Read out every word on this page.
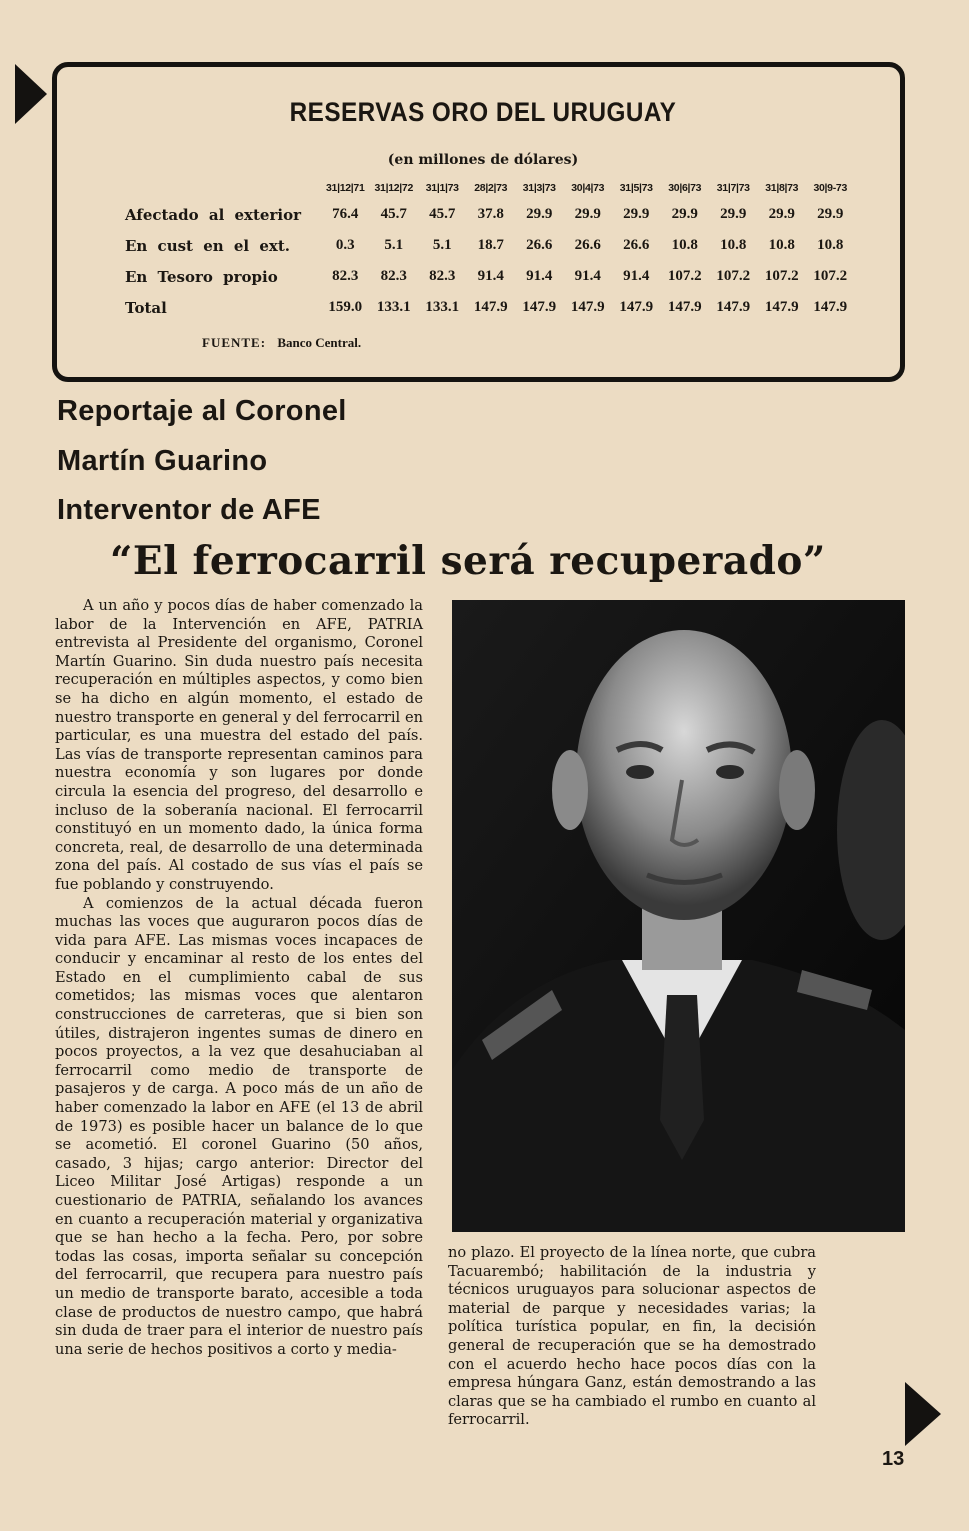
RESERVAS ORO DEL URUGUAY
(en millones de dólares)
	31|12|71	31|12|72	31|1|73	28|2|73	31|3|73	30|4|73	31|5|73	30|6|73	31|7|73	31|8|73	30|9-73
Afectado al exterior	76.4	45.7	45.7	37.8	29.9	29.9	29.9	29.9	29.9	29.9	29.9
En cust en el ext.	0.3	5.1	5.1	18.7	26.6	26.6	26.6	10.8	10.8	10.8	10.8
En Tesoro propio	82.3	82.3	82.3	91.4	91.4	91.4	91.4	107.2	107.2	107.2	107.2
Total	159.0	133.1	133.1	147.9	147.9	147.9	147.9	147.9	147.9	147.9	147.9
FUENTE: Banco Central.
Reportaje al Coronel
Martín Guarino
Interventor de AFE
“El ferrocarril será recuperado”

A un año y pocos días de haber comenzado la labor de la Intervención en AFE, PATRIA entrevista al Presidente del organismo, Coronel Martín Guarino. Sin duda nuestro país necesita recuperación en múltiples aspectos, y como bien se ha dicho en algún momento, el estado de nuestro transporte en general y del ferrocarril en particular, es una muestra del estado del país. Las vías de transporte representan caminos para nuestra economía y son lugares por donde circula la esencia del progreso, del desarrollo e incluso de la soberanía nacional. El ferrocarril constituyó en un momento dado, la única forma concreta, real, de desarrollo de una determinada zona del país. Al costado de sus vías el país se fue poblando y construyendo.

A comienzos de la actual década fueron muchas las voces que auguraron pocos días de vida para AFE. Las mismas voces incapaces de conducir y encaminar al resto de los entes del Estado en el cumplimiento cabal de sus cometidos; las mismas voces que alentaron construcciones de carreteras, que si bien son útiles, distrajeron ingentes sumas de dinero en pocos proyectos, a la vez que desahuciaban al ferrocarril como medio de transporte de pasajeros y de carga. A poco más de un año de haber comenzado la labor en AFE (el 13 de abril de 1973) es posible hacer un balance de lo que se acometió. El coronel Guarino (50 años, casado, 3 hijas; cargo anterior: Director del Liceo Militar José Artigas) responde a un cuestionario de PATRIA, señalando los avances en cuanto a recuperación material y organizativa que se han hecho a la fecha. Pero, por sobre todas las cosas, importa señalar su concepción del ferrocarril, que recupera para nuestro país un medio de transporte barato, accesible a toda clase de productos de nuestro campo, que habrá sin duda de traer para el interior de nuestro país una serie de hechos positivos a corto y media-

no plazo. El proyecto de la línea norte, que cubra Tacuarembó; habilitación de la industria y técnicos uruguayos para solucionar aspectos de material de parque y necesidades varias; la política turística popular, en fin, la decisión general de recuperación que se ha demostrado con el acuerdo hecho hace pocos días con la empresa húngara Ganz, están demostrando a las claras que se ha cambiado el rumbo en cuanto al ferrocarril.

13
